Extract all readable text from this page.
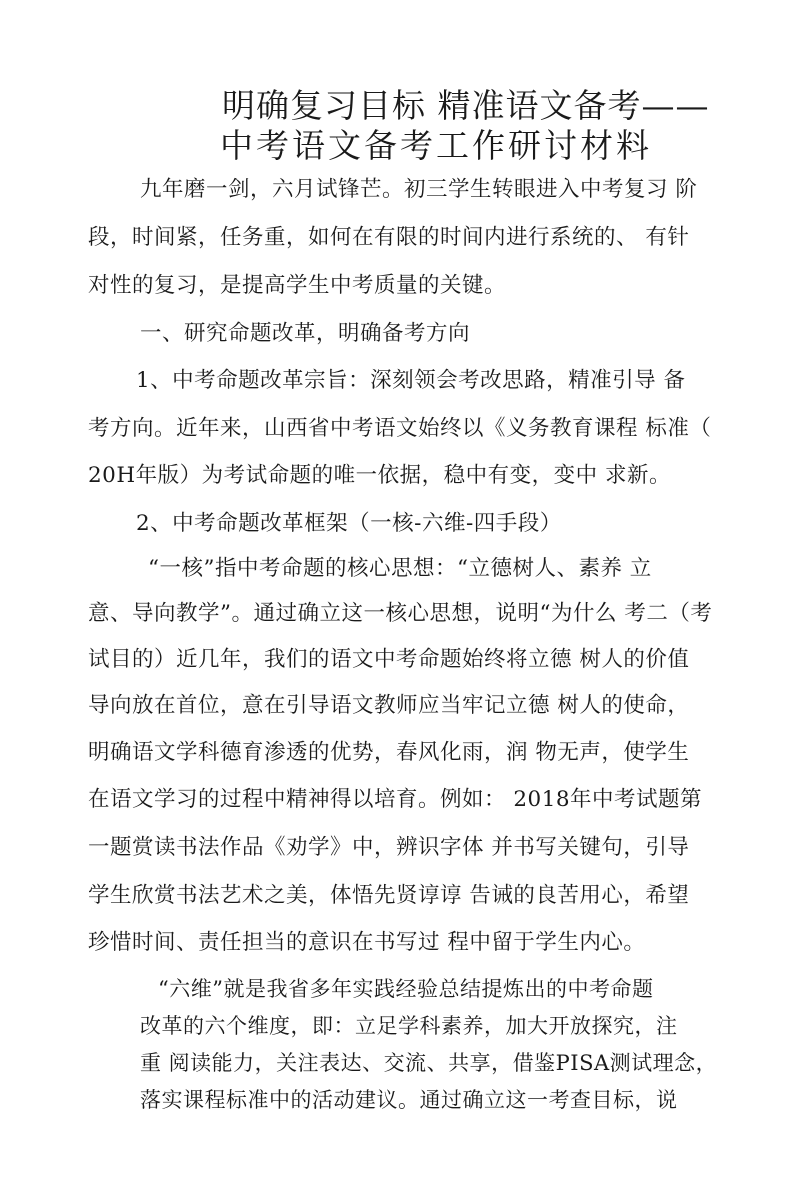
明确复习目标 精准语文备考——
中考语文备考工作研讨材料
九年磨一剑，六月试锋芒。初三学生转眼进入中考复习 阶
段，时间紧，任务重，如何在有限的时间内进行系统的、 有针
对性的复习，是提高学生中考质量的关键。
一、研究命题改革，明确备考方向
1、中考命题改革宗旨：深刻领会考改思路，精准引导 备
考方向。近年来，山西省中考语文始终以《义务教育课程 标准（
20H年版）为考试命题的唯一依据，稳中有变，变中 求新。
2、中考命题改革框架（一核-六维-四手段）
“一核”指中考命题的核心思想：“立德树人、素养 立
意、导向教学”。通过确立这一核心思想，说明“为什么 考二（考
试目的）近几年，我们的语文中考命题始终将立德 树人的价值
导向放在首位，意在引导语文教师应当牢记立德 树人的使命，
明确语文学科德育渗透的优势，春风化雨，润 物无声，使学生
在语文学习的过程中精神得以培育。例如： 2018年中考试题第
一题赏读书法作品《劝学》中，辨识字体 并书写关键句，引导
学生欣赏书法艺术之美，体悟先贤谆谆 告诫的良苦用心，希望
珍惜时间、责任担当的意识在书写过 程中留于学生内心。
“六维”就是我省多年实践经验总结提炼出的中考命题
改革的六个维度，即：立足学科素养，加大开放探究，注
重 阅读能力，关注表达、交流、共享，借鉴PISA测试理念，
落实课程标准中的活动建议。通过确立这一考查目标，说
